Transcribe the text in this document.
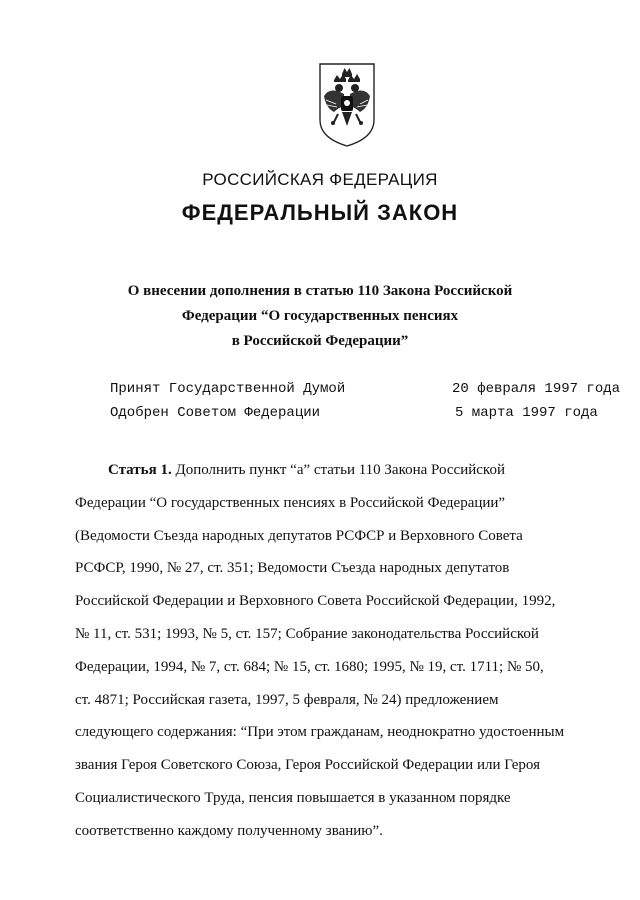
РОССИЙСКАЯ ФЕДЕРАЦИЯ
ФЕДЕРАЛЬНЫЙ ЗАКОН
О внесении дополнения в статью 110 Закона Российской
Федерации “О государственных пенсиях
в Российской Федерации”
Принят Государственной Думой	20 февраля 1997 года
Одобрен Советом Федерации	5 марта 1997 года
Статья 1. Дополнить пункт “а” статьи 110 Закона Российской
Федерации “О государственных пенсиях в Российской Федерации”
(Ведомости Съезда народных депутатов РСФСР и Верховного Совета
РСФСР, 1990, № 27, ст. 351; Ведомости Съезда народных депутатов
Российской Федерации и Верховного Совета Российской Федерации, 1992,
№ 11, ст. 531; 1993, № 5, ст. 157; Собрание законодательства Российской
Федерации, 1994, № 7, ст. 684; № 15, ст. 1680; 1995, № 19, ст. 1711; № 50,
ст. 4871; Российская газета, 1997, 5 февраля, № 24) предложением
следующего содержания: “При этом гражданам, неоднократно удостоенным
звания Героя Советского Союза, Героя Российской Федерации или Героя
Социалистического Труда, пенсия повышается в указанном порядке
соответственно каждому полученному званию”.
